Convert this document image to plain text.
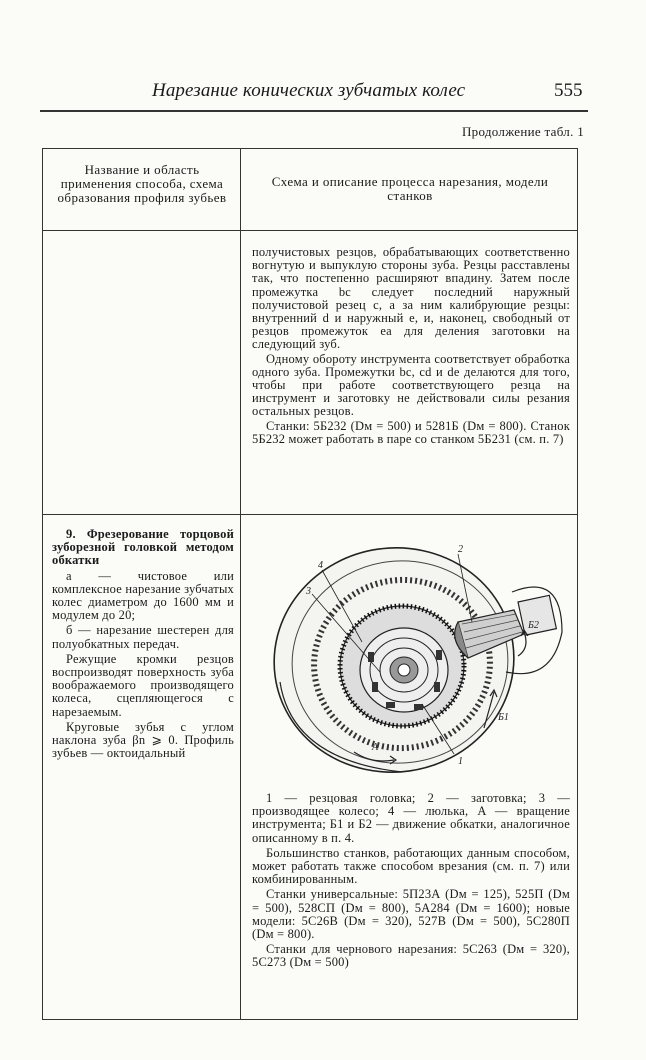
Нарезание конических зубчатых колес	555
Продолжение табл. 1
Название и область применения способа, схема образования профиля зубьев
Схема и описание процесса нарезания, модели станков

получистовых резцов, обрабатывающих соответственно вогнутую и выпуклую стороны зуба. Резцы расставлены так, что постепенно расширяют впадину. Затем после промежутка bc следует последний наружный получистовой резец c, а за ним калибрующие резцы: внутренний d и наружный e, и, наконец, свободный от резцов промежуток ea для деления заготовки на следующий зуб.

Одному обороту инструмента соответствует обработка одного зуба. Промежутки bc, cd и de делаются для того, чтобы при работе соответствующего резца на инструмент и заготовку не действовали силы резания остальных резцов.

Станки: 5Б232 (Dм = 500) и 5281Б (Dм = 800). Станок 5Б232 может работать в паре со станком 5Б231 (см. п. 7)

9. Фрезерование торцовой зуборезной головкой методом обкатки

а — чистовое или комплексное нарезание зубчатых колес диаметром до 1600 мм и модулем до 20;

б — нарезание шестерен для полуобкатных передач.

Режущие кромки резцов воспроизводят поверхность зуба воображаемого производящего колеса, сцепляющегося с нарезаемым.

Круговые зубья с углом наклона зуба βn ⩾ 0. Профиль зубьев — октоидальный

2
4
3
1
A
Б1
Б2

1 — резцовая головка; 2 — заготовка; 3 — производящее колесо; 4 — люлька, A — вращение инструмента; Б1 и Б2 — движение обкатки, аналогичное описанному в п. 4.

Большинство станков, работающих данным способом, может работать также способом врезания (см. п. 7) или комбинированным.

Станки универсальные: 5П23А (Dм = 125), 525П (Dм = 500), 528СП (Dм = 800), 5А284 (Dм = 1600); новые модели: 5С26В (Dм = 320), 527В (Dм = 500), 5С280П (Dм = 800).

Станки для чернового нарезания: 5С263 (Dм = 320), 5С273 (Dм = 500)
